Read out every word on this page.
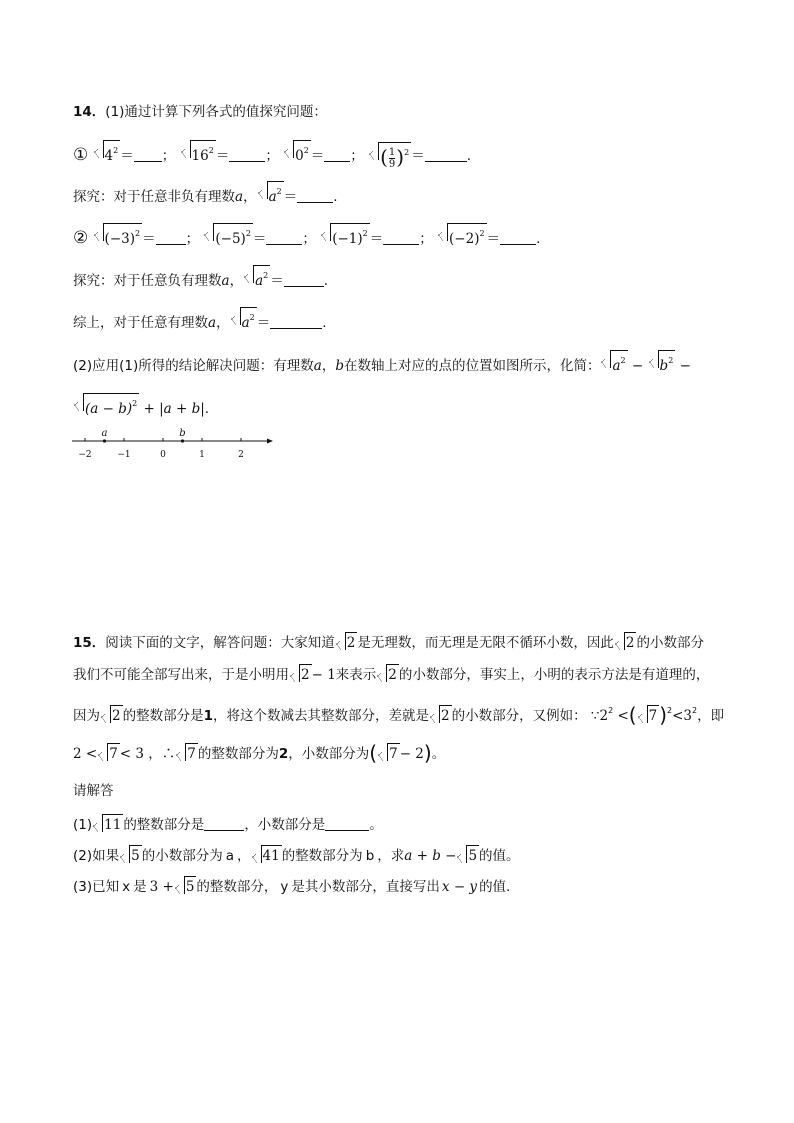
14．(1)通过计算下列各式的值探究问题：
① $4^2$ ＝ ； $16^2$ ＝	； $0^2$ ＝ ； ( $\frac{1}{9} )^2$ ＝	.
探究：对于任意非负有理数a， $a^2$ ＝	.
② $(-3)^2$ ＝ ； $(-5)^2$ ＝	； $(-1)^2$ ＝	； $(-2)^2$ ＝	.
探究：对于任意负有理数a， $a^2$ ＝	.
综上，对于任意有理数a， $a^2$ ＝	.
(2)应用(1)所得的结论解决问题：有理数a，b在数轴上对应的点的位置如图所示，化简： $a^2 - b^2$ −
$(a - b)^2 + |a + b|$.
−2	−1	0	1	2
a	b
15．阅读下面的文字，解答问题：大家知道 2 是无理数，而无理是无限不循环小数，因此 2 的小数部分
我们不可能全部写出来，于是小明用 2 − 1来表示 2 的小数部分，事实上，小明的表示方法是有道理的，
因为 2 的整数部分是1，将这个数减去其整数部分，差就是 2 的小数部分，又例如： $\because 2^2$ <( 7 )$^2<3^2$，即
2 < 7 < 3 ，∴ 7 的整数部分为2，小数部分为( 7 − 2)。
请解答
(1) 11 的整数部分是	，小数部分是	。
(2)如果 5 的小数部分为 a ， 41 的整数部分为 b ，求a + b − 5 的值。
(3)已知 x 是 3 + 5 的整数部分， y 是其小数部分，直接写出 x − y 的值.
